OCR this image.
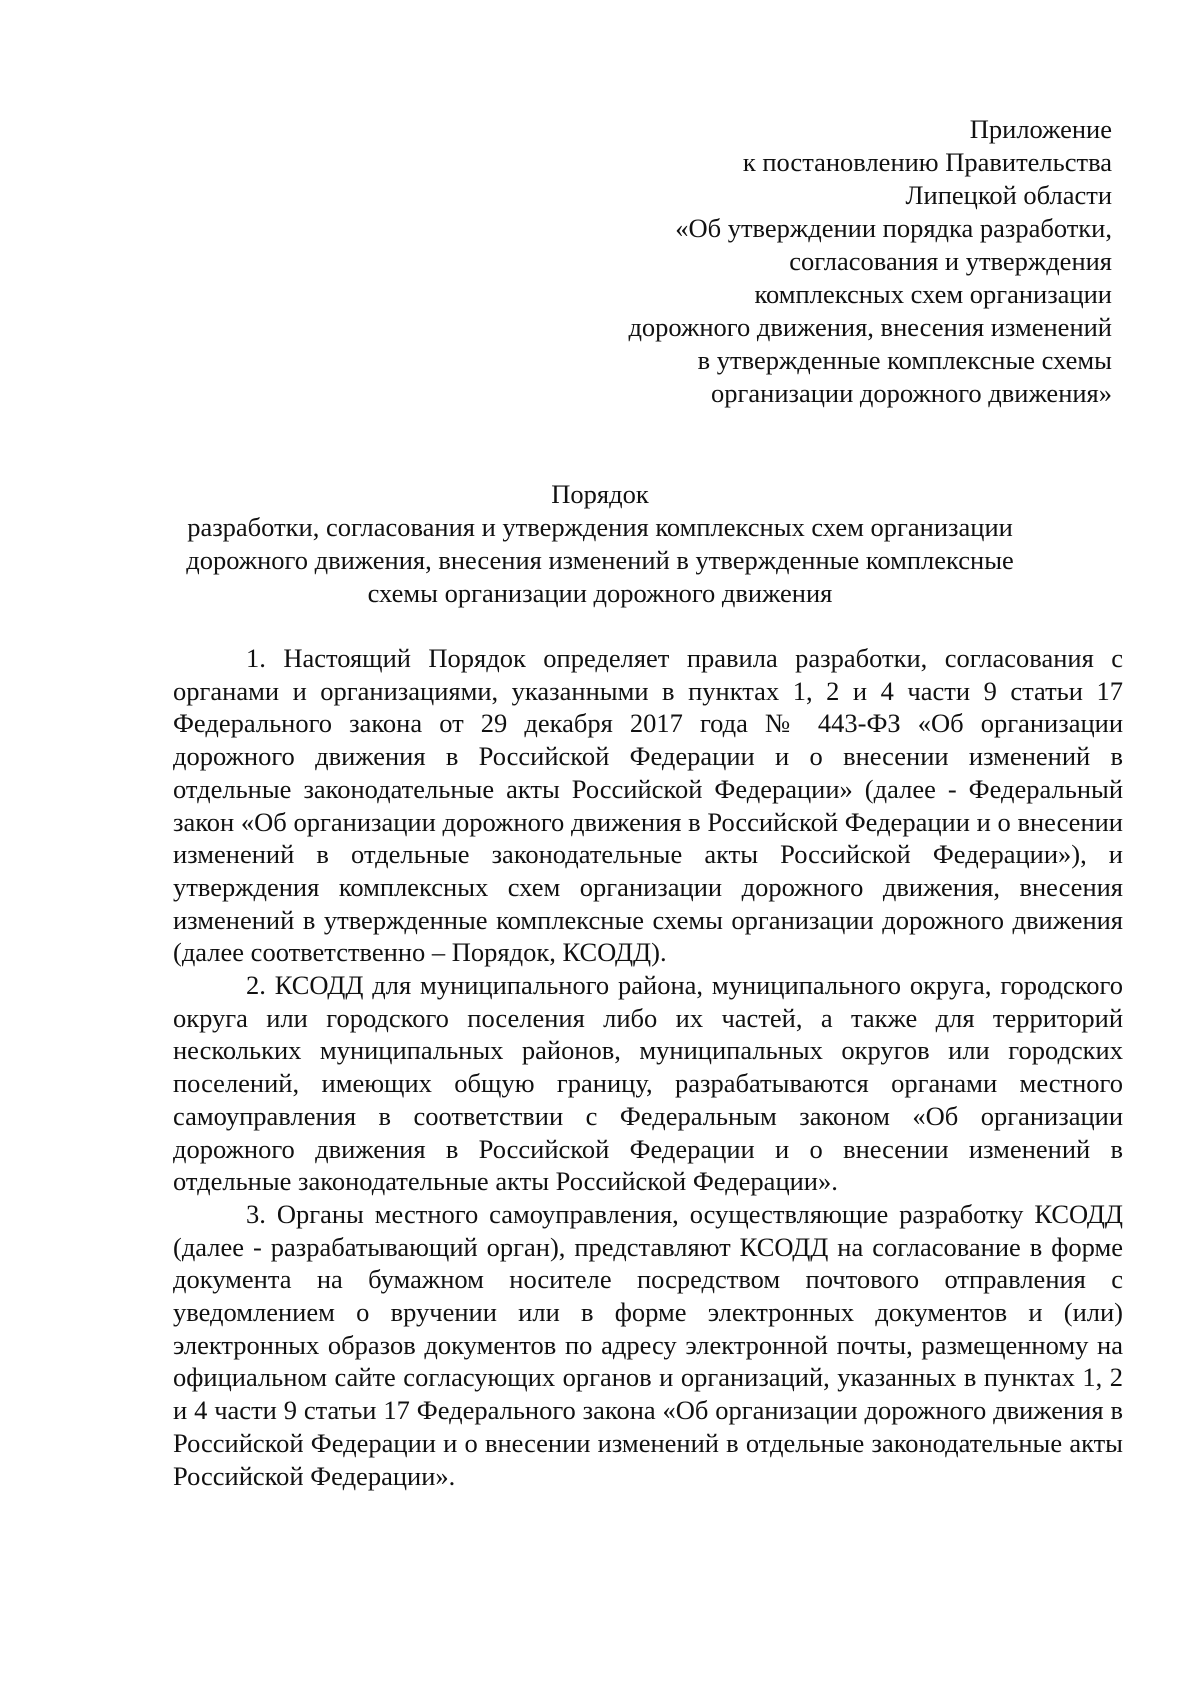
Приложение
к постановлению Правительства
Липецкой области
«Об утверждении порядка разработки,
согласования и утверждения
комплексных схем организации
дорожного движения, внесения изменений
в утвержденные комплексные схемы
организации дорожного движения»
Порядок
разработки, согласования и утверждения комплексных схем организации
дорожного движения, внесения изменений в утвержденные комплексные
схемы организации дорожного движения

1. Настоящий Порядок определяет правила разработки, согласования с органами и организациями, указанными в пунктах 1, 2 и 4 части 9 статьи 17 Федерального закона от 29 декабря 2017 года № 443-ФЗ «Об организации дорожного движения в Российской Федерации и о внесении изменений в отдельные законодательные акты Российской Федерации» (далее - Федеральный закон «Об организации дорожного движения в Российской Федерации и о внесении изменений в отдельные законодательные акты Российской Федерации»), и утверждения комплексных схем организации дорожного движения, внесения изменений в утвержденные комплексные схемы организации дорожного движения (далее соответственно – Порядок, КСОДД).

2. КСОДД для муниципального района, муниципального округа, городского округа или городского поселения либо их частей, а также для территорий нескольких муниципальных районов, муниципальных округов или городских поселений, имеющих общую границу, разрабатываются органами местного самоуправления в соответствии с Федеральным законом «Об организации дорожного движения в Российской Федерации и о внесении изменений в отдельные законодательные акты Российской Федерации».

3. Органы местного самоуправления, осуществляющие разработку КСОДД (далее - разрабатывающий орган), представляют КСОДД на согласование в форме документа на бумажном носителе посредством почтового отправления с уведомлением о вручении или в форме электронных документов и (или) электронных образов документов по адресу электронной почты, размещенному на официальном сайте согласующих органов и организаций, указанных в пунктах 1, 2 и 4 части 9 статьи 17 Федерального закона «Об организации дорожного движения в Российской Федерации и о внесении изменений в отдельные законодательные акты Российской Федерации».
